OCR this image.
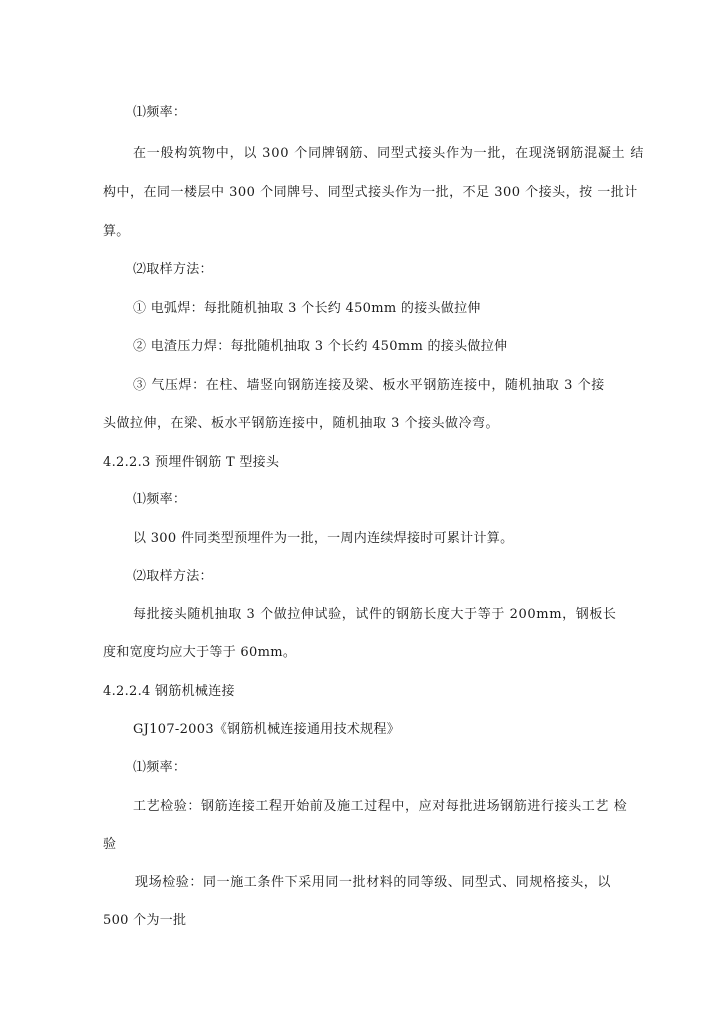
⑴频率：
在一般构筑物中，以 300 个同牌钢筋、同型式接头作为一批，在现浇钢筋混凝土 结
构中，在同一楼层中 300 个同牌号、同型式接头作为一批，不足 300 个接头，按 一批计
算。
⑵取样方法：
① 电弧焊：每批随机抽取 3 个长约 450mm 的接头做拉伸
② 电渣压力焊：每批随机抽取 3 个长约 450mm 的接头做拉伸
③ 气压焊：在柱、墙竖向钢筋连接及梁、板水平钢筋连接中，随机抽取 3 个接
头做拉伸，在梁、板水平钢筋连接中，随机抽取 3 个接头做冷弯。
4.2.2.3 预埋件钢筋 T 型接头
⑴频率：
以 300 件同类型预埋件为一批，一周内连续焊接时可累计计算。
⑵取样方法：
每批接头随机抽取 3 个做拉伸试验，试件的钢筋长度大于等于 200mm，钢板长
度和宽度均应大于等于 60mm。
4.2.2.4 钢筋机械连接
GJ107-2003《钢筋机械连接通用技术规程》
⑴频率：
工艺检验：钢筋连接工程开始前及施工过程中，应对每批进场钢筋进行接头工艺 检
验
现场检验：同一施工条件下采用同一批材料的同等级、同型式、同规格接头，以
500 个为一批
